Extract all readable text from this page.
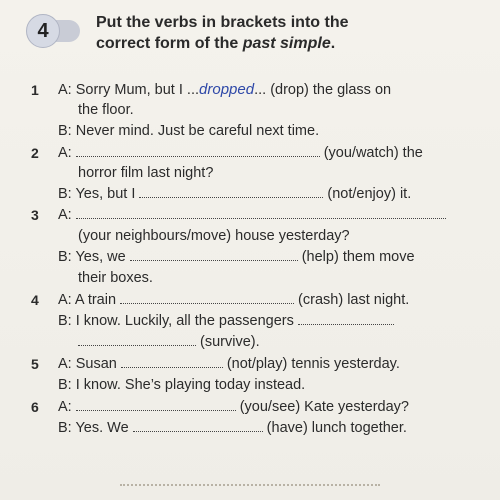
4	Put the verbs in brackets into the
correct form of the past simple.
1 A: Sorry Mum, but I ...dropped... (drop) the glass on
the floor.
B: Never mind. Just be careful next time.
2 A:	(you/watch) the
horror film last night?
B: Yes, but I	(not/enjoy) it.
3 A:
(your neighbours/move) house yesterday?
B: Yes, we	(help) them move
their boxes.
4 A: A train	(crash) last night.
B: I know. Luckily, all the passengers
(survive).
5 A: Susan	(not/play) tennis yesterday.
B: I know. She’s playing today instead.
6 A:	(you/see) Kate yesterday?
B: Yes. We	(have) lunch together.
